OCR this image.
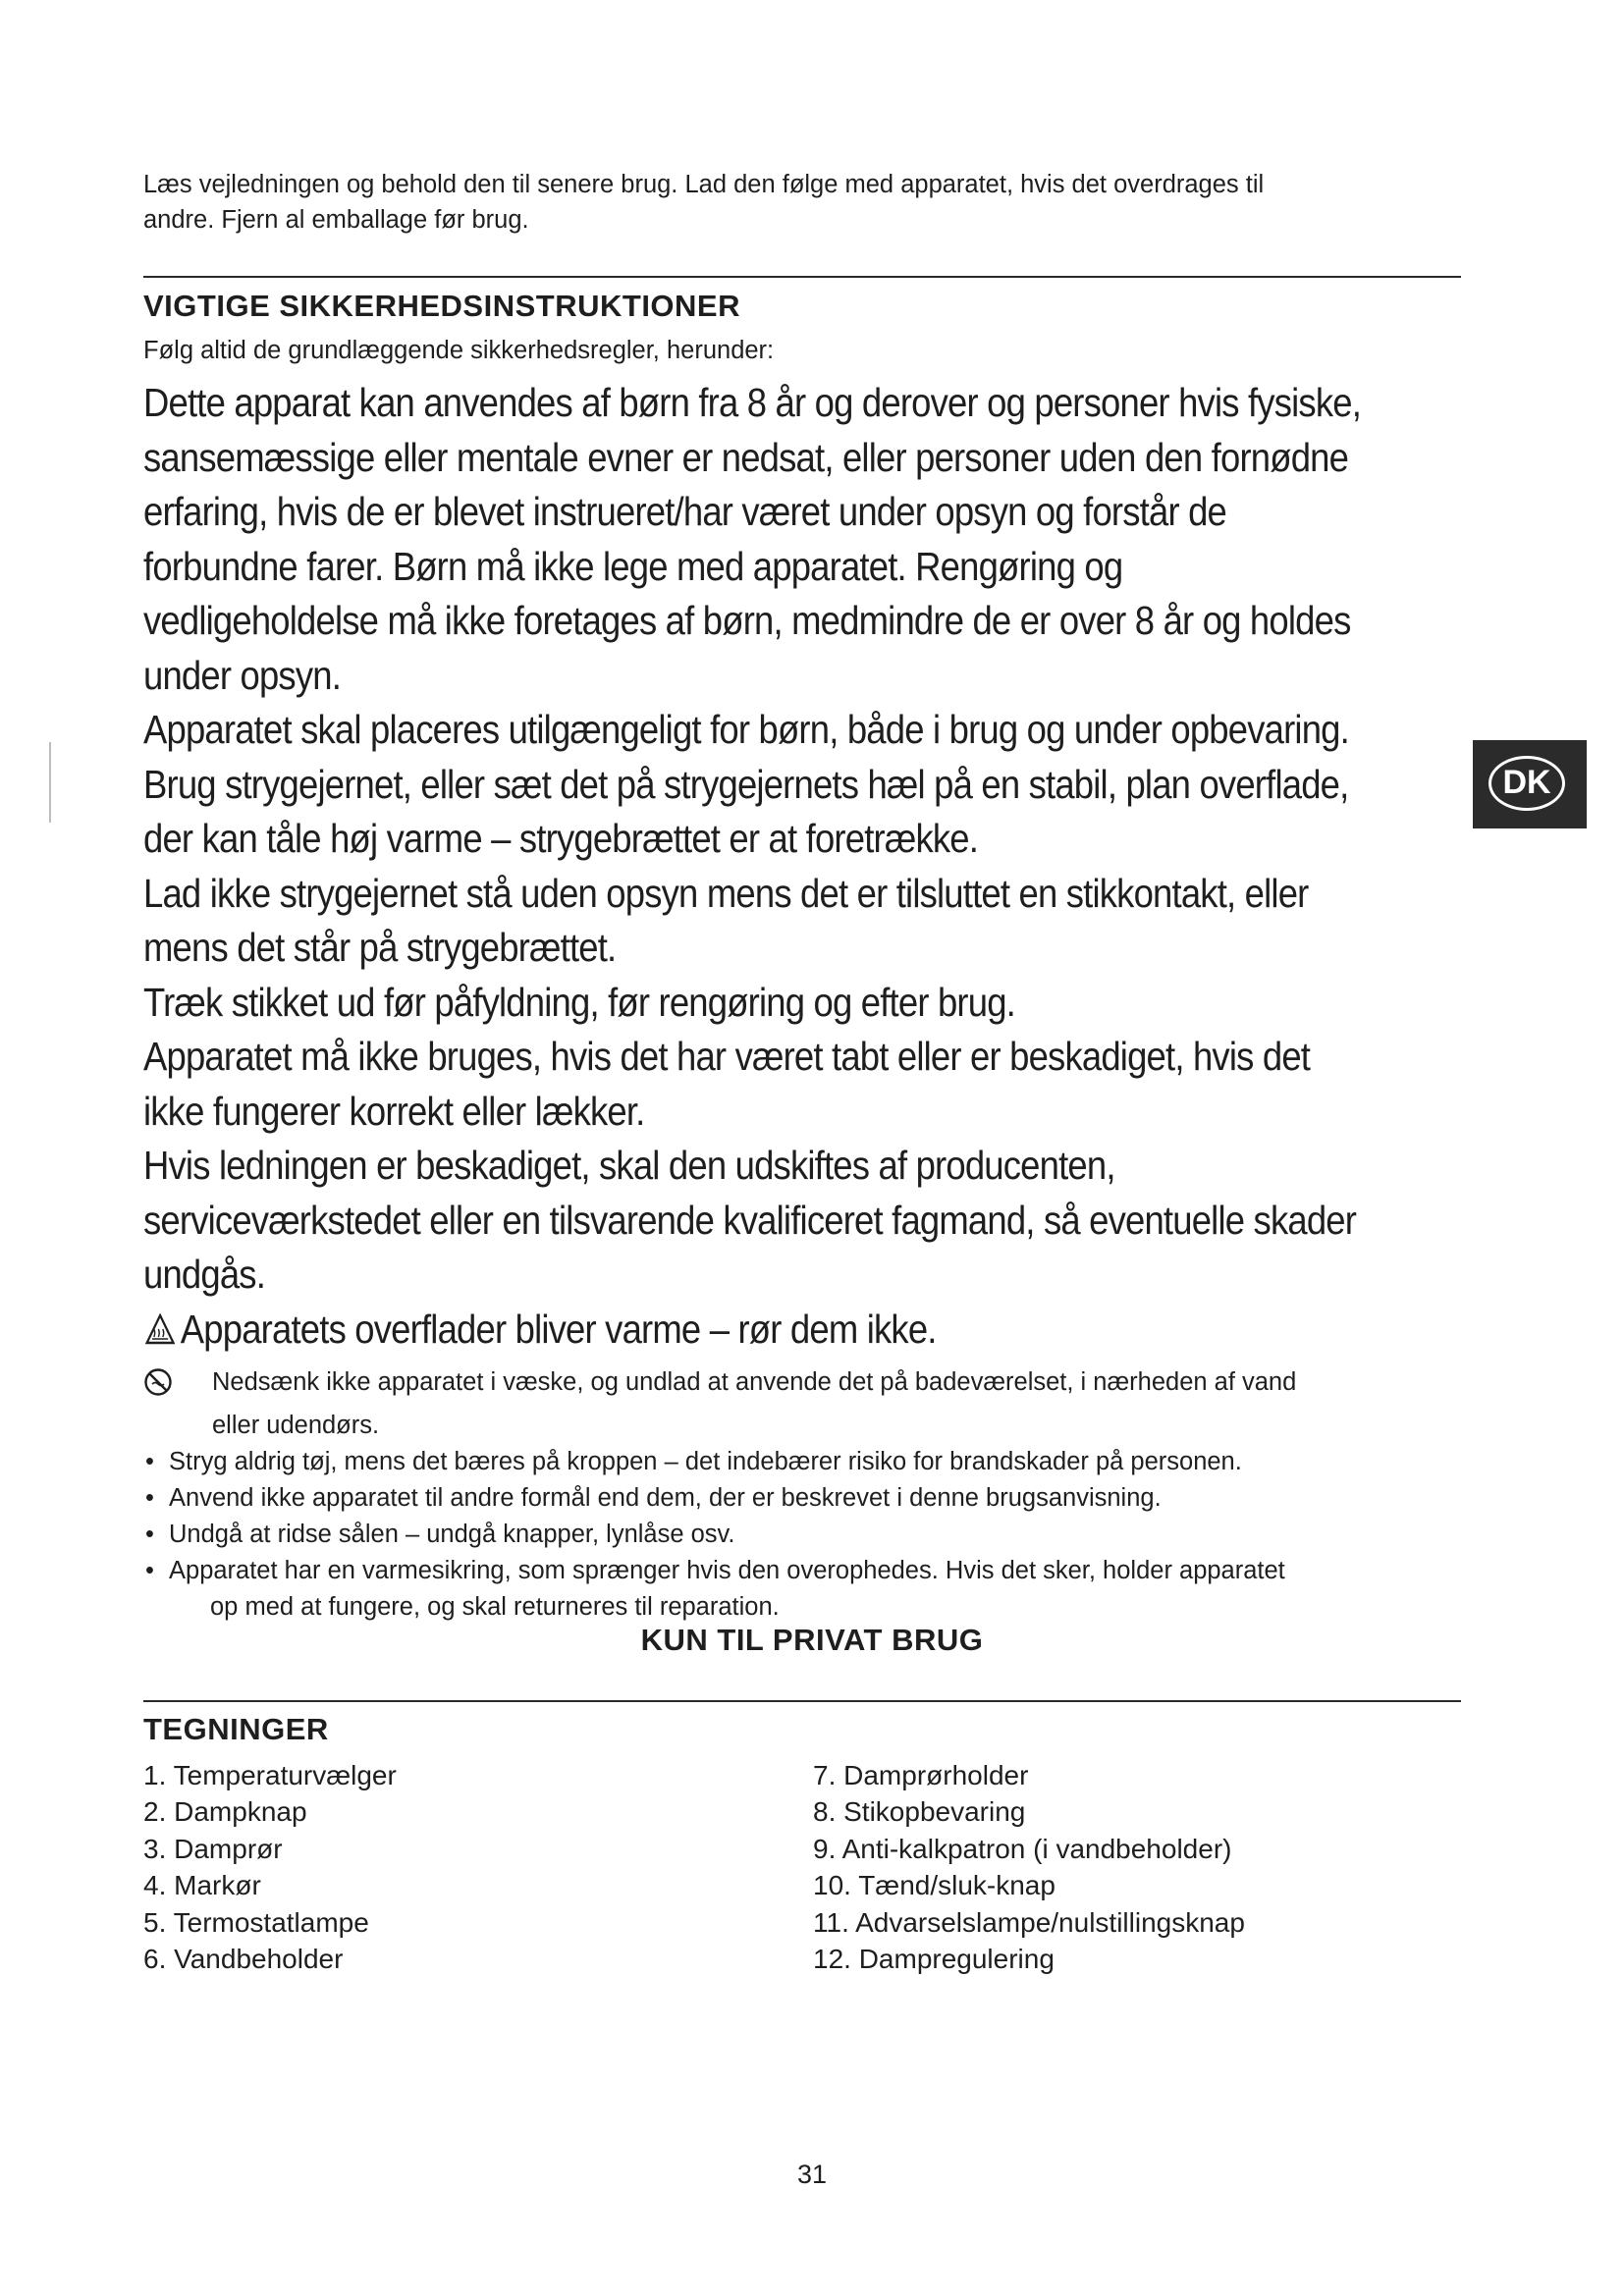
Læs vejledningen og behold den til senere brug. Lad den følge med apparatet, hvis det overdrages til
andre. Fjern al emballage før brug.
VIGTIGE SIKKERHEDSINSTRUKTIONER
Følg altid de grundlæggende sikkerhedsregler, herunder:

Dette apparat kan anvendes af børn fra 8 år og derover og personer hvis fysiske,

sansemæssige eller mentale evner er nedsat, eller personer uden den fornødne

erfaring, hvis de er blevet instrueret/har været under opsyn og forstår de

forbundne farer. Børn må ikke lege med apparatet. Rengøring og

vedligeholdelse må ikke foretages af børn, medmindre de er over 8 år og holdes

under opsyn.

Apparatet skal placeres utilgængeligt for børn, både i brug og under opbevaring.

Brug strygejernet, eller sæt det på strygejernets hæl på en stabil, plan overflade,

der kan tåle høj varme – strygebrættet er at foretrække.

Lad ikke strygejernet stå uden opsyn mens det er tilsluttet en stikkontakt, eller

mens det står på strygebrættet.

Træk stikket ud før påfyldning, før rengøring og efter brug.

Apparatet må ikke bruges, hvis det har været tabt eller er beskadiget, hvis det

ikke fungerer korrekt eller lækker.

Hvis ledningen er beskadiget, skal den udskiftes af producenten,

serviceværkstedet eller en tilsvarende kvalificeret fagmand, så eventuelle skader

undgås.

Apparatets overflader bliver varme – rør dem ikke.

Nedsænk ikke apparatet i væske, og undlad at anvende det på badeværelset, i nærheden af vand
eller udendørs.
• Stryg aldrig tøj, mens det bæres på kroppen – det indebærer risiko for brandskader på personen.
• Anvend ikke apparatet til andre formål end dem, der er beskrevet i denne brugsanvisning.
• Undgå at ridse sålen – undgå knapper, lynlåse osv.
• Apparatet har en varmesikring, som sprænger hvis den overophedes. Hvis det sker, holder apparatet
op med at fungere, og skal returneres til reparation.
KUN TIL PRIVAT BRUG
TEGNINGER
1. Temperaturvælger
2. Dampknap
3. Damprør
4. Markør
5. Termostatlampe
6. Vandbeholder
7. Damprørholder
8. Stikopbevaring
9. Anti-kalkpatron (i vandbeholder)
10. Tænd/sluk-knap
11. Advarselslampe/nulstillingsknap
12. Dampregulering
DK
31
